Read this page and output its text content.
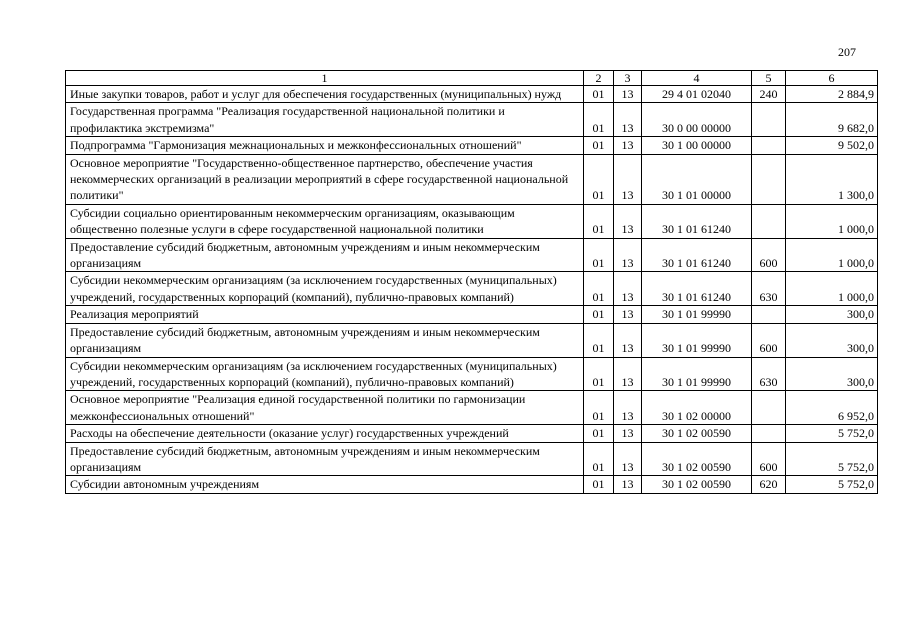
207
1	2	3	4	5	6
Иные закупки товаров, работ и услуг для обеспечения государственных (муниципальных) нужд	01	13	29 4 01 02040	240	2 884,9
Государственная программа "Реализация государственной национальной политики и профилактика экстремизма"	01	13	30 0 00 00000		9 682,0
Подпрограмма "Гармонизация межнациональных и межконфессиональных отношений"	01	13	30 1 00 00000		9 502,0
Основное мероприятие "Государственно-общественное партнерство, обеспечение участия некоммерческих организаций в реализации мероприятий в сфере государственной национальной политики"	01	13	30 1 01 00000		1 300,0
Субсидии социально ориентированным некоммерческим организациям, оказывающим общественно полезные услуги в сфере государственной национальной политики	01	13	30 1 01 61240		1 000,0
Предоставление субсидий бюджетным, автономным учреждениям и иным некоммерческим организациям	01	13	30 1 01 61240	600	1 000,0
Субсидии некоммерческим организациям (за исключением государственных (муниципальных) учреждений, государственных корпораций (компаний), публично-правовых компаний)	01	13	30 1 01 61240	630	1 000,0
Реализация мероприятий	01	13	30 1 01 99990		300,0
Предоставление субсидий бюджетным, автономным учреждениям и иным некоммерческим организациям	01	13	30 1 01 99990	600	300,0
Субсидии некоммерческим организациям (за исключением государственных (муниципальных) учреждений, государственных корпораций (компаний), публично-правовых компаний)	01	13	30 1 01 99990	630	300,0
Основное мероприятие "Реализация единой государственной политики по гармонизации межконфессиональных отношений"	01	13	30 1 02 00000		6 952,0
Расходы на обеспечение деятельности (оказание услуг) государственных учреждений	01	13	30 1 02 00590		5 752,0
Предоставление субсидий бюджетным, автономным учреждениям и иным некоммерческим организациям	01	13	30 1 02 00590	600	5 752,0
Субсидии автономным учреждениям	01	13	30 1 02 00590	620	5 752,0
